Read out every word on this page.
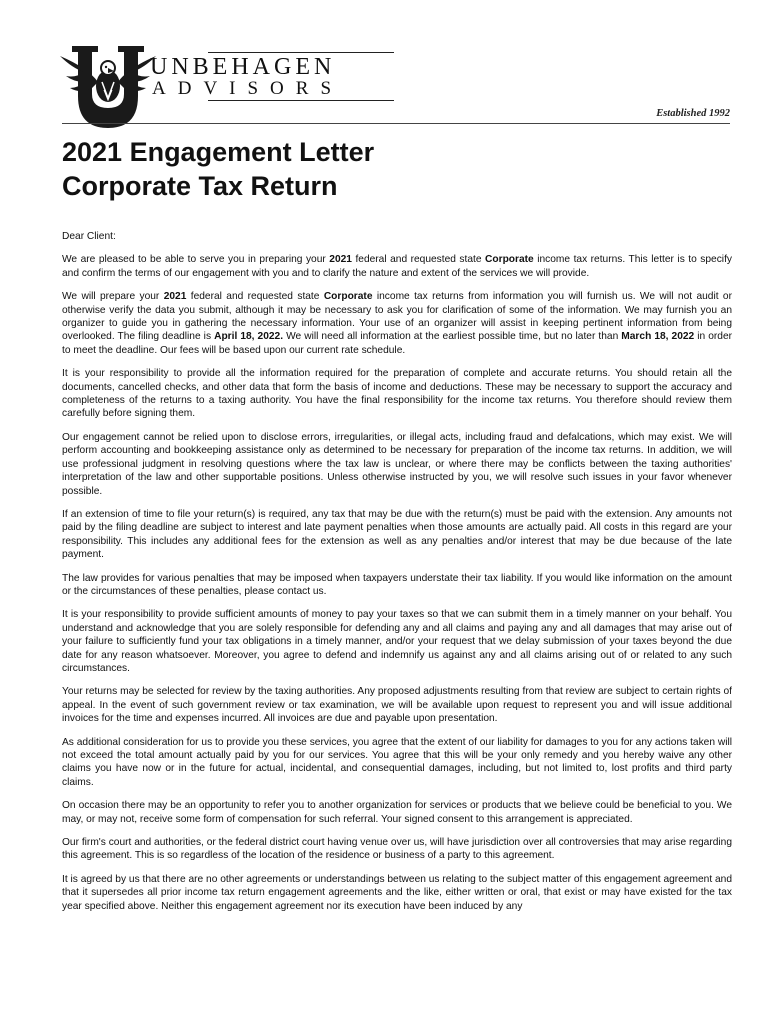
UNBEHAGEN
ADVISORS
Established 1992
2021 Engagement Letter
Corporate Tax Return

Dear Client:

We are pleased to be able to serve you in preparing your 2021 federal and requested state Corporate income tax returns. This letter is to specify and confirm the terms of our engagement with you and to clarify the nature and extent of the services we will provide.

We will prepare your 2021 federal and requested state Corporate income tax returns from information you will furnish us. We will not audit or otherwise verify the data you submit, although it may be necessary to ask you for clarification of some of the information. We may furnish you an organizer to guide you in gathering the necessary information. Your use of an organizer will assist in keeping pertinent information from being overlooked. The filing deadline is April 18, 2022. We will need all information at the earliest possible time, but no later than March 18, 2022 in order to meet the deadline. Our fees will be based upon our current rate schedule.

It is your responsibility to provide all the information required for the preparation of complete and accurate returns. You should retain all the documents, cancelled checks, and other data that form the basis of income and deductions. These may be necessary to support the accuracy and completeness of the returns to a taxing authority. You have the final responsibility for the income tax returns. You therefore should review them carefully before signing them.

Our engagement cannot be relied upon to disclose errors, irregularities, or illegal acts, including fraud and defalcations, which may exist. We will perform accounting and bookkeeping assistance only as determined to be necessary for preparation of the income tax returns. In addition, we will use professional judgment in resolving questions where the tax law is unclear, or where there may be conflicts between the taxing authorities' interpretation of the law and other supportable positions. Unless otherwise instructed by you, we will resolve such issues in your favor whenever possible.

If an extension of time to file your return(s) is required, any tax that may be due with the return(s) must be paid with the extension. Any amounts not paid by the filing deadline are subject to interest and late payment penalties when those amounts are actually paid. All costs in this regard are your responsibility. This includes any additional fees for the extension as well as any penalties and/or interest that may be due because of the late payment.

The law provides for various penalties that may be imposed when taxpayers understate their tax liability. If you would like information on the amount or the circumstances of these penalties, please contact us.

It is your responsibility to provide sufficient amounts of money to pay your taxes so that we can submit them in a timely manner on your behalf. You understand and acknowledge that you are solely responsible for defending any and all claims and paying any and all damages that may arise out of your failure to sufficiently fund your tax obligations in a timely manner, and/or your request that we delay submission of your taxes beyond the due date for any reason whatsoever. Moreover, you agree to defend and indemnify us against any and all claims arising out of or related to any such circumstances.

Your returns may be selected for review by the taxing authorities. Any proposed adjustments resulting from that review are subject to certain rights of appeal. In the event of such government review or tax examination, we will be available upon request to represent you and will issue additional invoices for the time and expenses incurred. All invoices are due and payable upon presentation.

As additional consideration for us to provide you these services, you agree that the extent of our liability for damages to you for any actions taken will not exceed the total amount actually paid by you for our services. You agree that this will be your only remedy and you hereby waive any other claims you have now or in the future for actual, incidental, and consequential damages, including, but not limited to, lost profits and third party claims.

On occasion there may be an opportunity to refer you to another organization for services or products that we believe could be beneficial to you. We may, or may not, receive some form of compensation for such referral. Your signed consent to this arrangement is appreciated.

Our firm's court and authorities, or the federal district court having venue over us, will have jurisdiction over all controversies that may arise regarding this agreement. This is so regardless of the location of the residence or business of a party to this agreement.

It is agreed by us that there are no other agreements or understandings between us relating to the subject matter of this engagement agreement and that it supersedes all prior income tax return engagement agreements and the like, either written or oral, that exist or may have existed for the tax year specified above. Neither this engagement agreement nor its execution have been induced by any
